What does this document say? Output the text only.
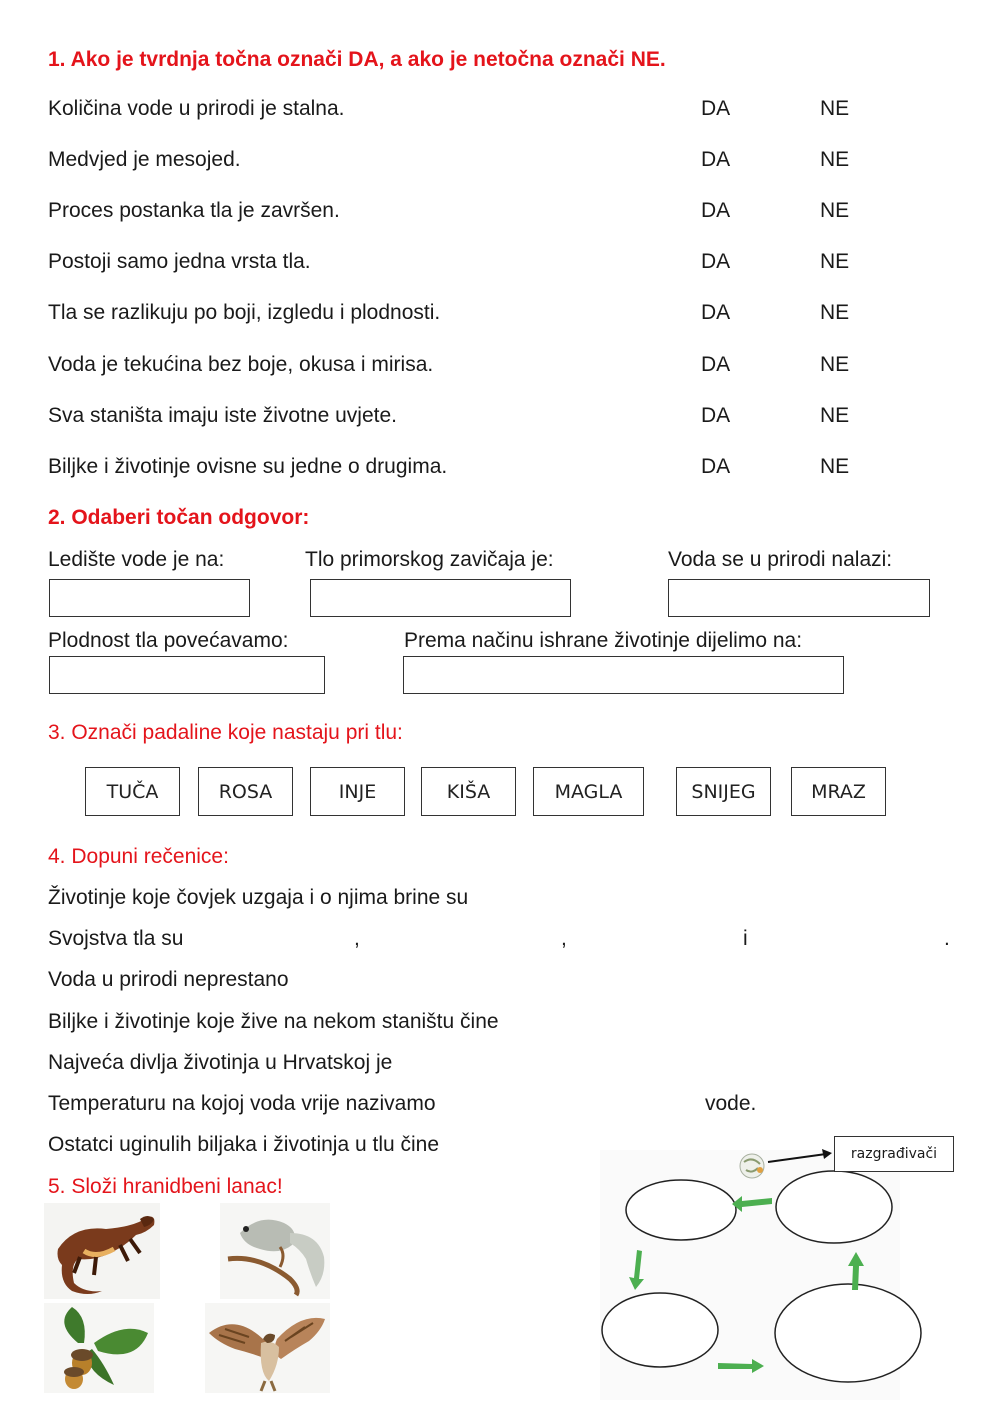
1. Ako je tvrdnja točna označi DA, a ako je netočna označi NE.
Količina vode u prirodi je stalna.	DA	NE
Medvjed je mesojed.	DA	NE
Proces postanka tla je završen.	DA	NE
Postoji samo jedna vrsta tla.	DA	NE
Tla se razlikuju po boji, izgledu i plodnosti.	DA	NE
Voda je tekućina bez boje, okusa i mirisa.	DA	NE
Sva staništa imaju iste životne uvjete.	DA	NE
Biljke i životinje ovisne su jedne o drugima.	DA	NE
2. Odaberi točan odgovor:
Ledište vode je na:	Tlo primorskog zavičaja je:	Voda se u prirodi nalazi:
Plodnost tla povećavamo:	Prema načinu ishrane životinje dijelimo na:
3. Označi padaline koje nastaju pri tlu:
TUČA	ROSA	INJE	KIŠA	MAGLA	SNIJEG	MRAZ
4. Dopuni rečenice:
Životinje koje čovjek uzgaja i o njima brine su
Svojstva tla su	,	,	i	.
Voda u prirodi neprestano
Biljke i životinje koje žive na nekom staništu čine
Najveća divlja životinja u Hrvatskoj je
Temperaturu na kojoj voda vrije nazivamo	vode.
Ostatci uginulih biljaka i životinja u tlu čine
5. Složi hranidbeni lanac!
razgrađivači
